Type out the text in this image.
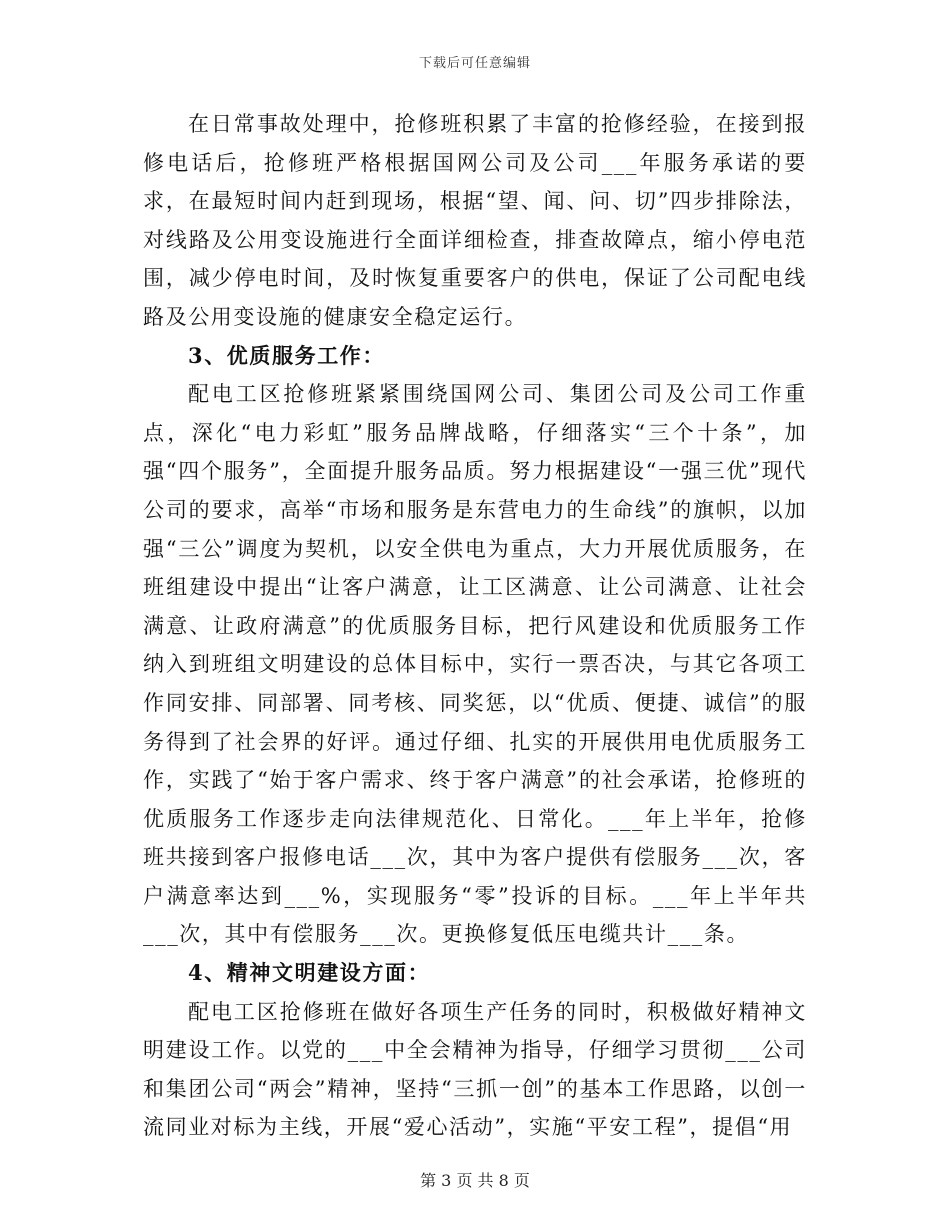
下载后可任意编辑

在日常事故处理中，抢修班积累了丰富的抢修经验，在接到报修电话后，抢修班严格根据国网公司及公司___年服务承诺的要求，在最短时间内赶到现场，根据“望、闻、问、切”四步排除法，对线路及公用变设施进行全面详细检查，排查故障点，缩小停电范围，减少停电时间，及时恢复重要客户的供电，保证了公司配电线路及公用变设施的健康安全稳定运行。

3、优质服务工作：

配电工区抢修班紧紧围绕国网公司、集团公司及公司工作重点，深化“电力彩虹”服务品牌战略，仔细落实“三个十条”，加强“四个服务”，全面提升服务品质。努力根据建设“一强三优”现代公司的要求，高举“市场和服务是东营电力的生命线”的旗帜，以加强“三公”调度为契机，以安全供电为重点，大力开展优质服务，在班组建设中提出“让客户满意，让工区满意、让公司满意、让社会满意、让政府满意”的优质服务目标，把行风建设和优质服务工作纳入到班组文明建设的总体目标中，实行一票否决，与其它各项工作同安排、同部署、同考核、同奖惩，以“优质、便捷、诚信”的服务得到了社会界的好评。通过仔细、扎实的开展供用电优质服务工作，实践了“始于客户需求、终于客户满意”的社会承诺，抢修班的优质服务工作逐步走向法律规范化、日常化。___年上半年，抢修班共接到客户报修电话___次，其中为客户提供有偿服务___次，客户满意率达到___%，实现服务“零”投诉的目标。___年上半年共___次，其中有偿服务___次。更换修复低压电缆共计___条。

4、精神文明建设方面：

配电工区抢修班在做好各项生产任务的同时，积极做好精神文明建设工作。以党的___中全会精神为指导，仔细学习贯彻___公司和集团公司“两会”精神，坚持“三抓一创”的基本工作思路，以创一流同业对标为主线，开展“爱心活动”，实施“平安工程”，提倡“用

第 3 页 共 8 页
